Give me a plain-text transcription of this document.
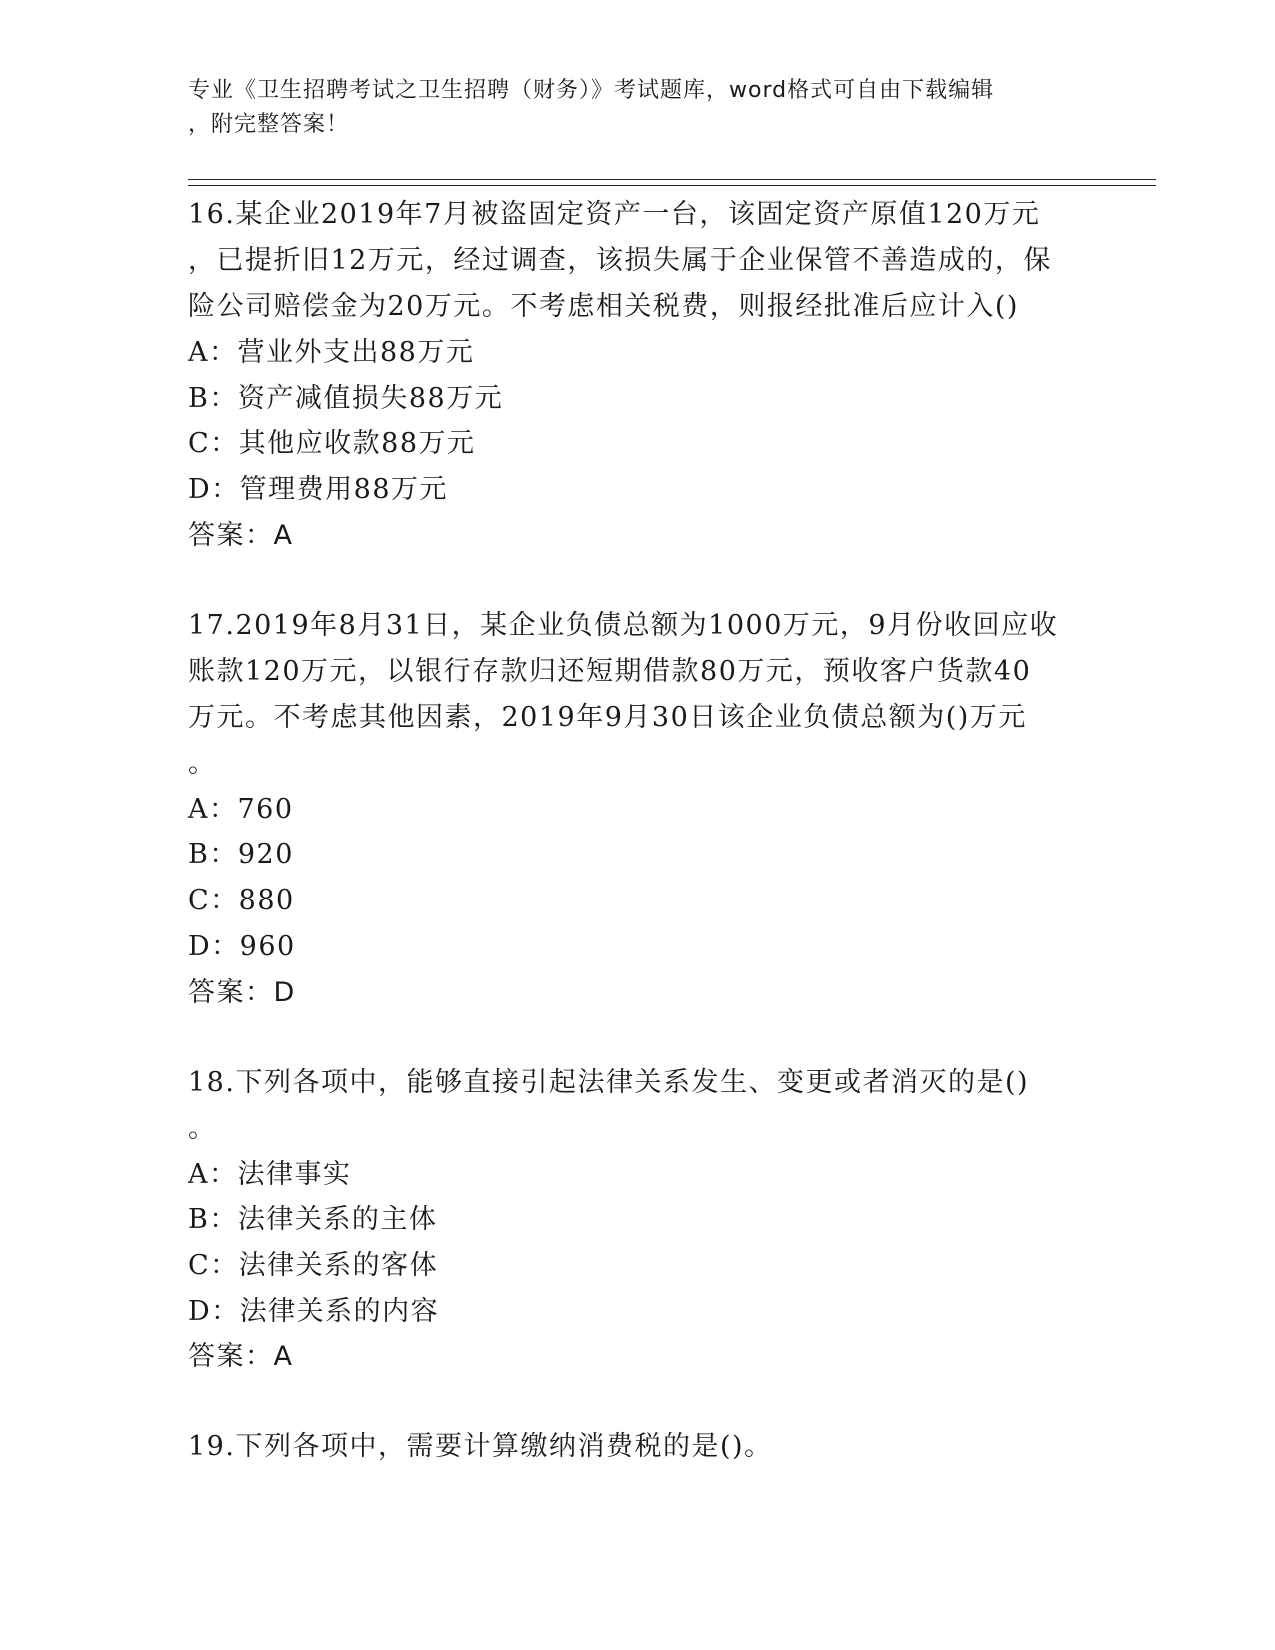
专业《卫生招聘考试之卫生招聘（财务）》考试题库，word格式可自由下载编辑
，附完整答案！
16.某企业2019年7月被盗固定资产一台，该固定资产原值120万元
，已提折旧12万元，经过调查，该损失属于企业保管不善造成的，保
险公司赔偿金为20万元。不考虑相关税费，则报经批准后应计入()
A：营业外支出88万元
B：资产减值损失88万元
C：其他应收款88万元
D：管理费用88万元
答案：A
17.2019年8月31日，某企业负债总额为1000万元，9月份收回应收
账款120万元，以银行存款归还短期借款80万元，预收客户货款40
万元。不考虑其他因素，2019年9月30日该企业负债总额为()万元
。
A：760
B：920
C：880
D：960
答案：D
18.下列各项中，能够直接引起法律关系发生、变更或者消灭的是()
。
A：法律事实
B：法律关系的主体
C：法律关系的客体
D：法律关系的内容
答案：A
19.下列各项中，需要计算缴纳消费税的是()。
